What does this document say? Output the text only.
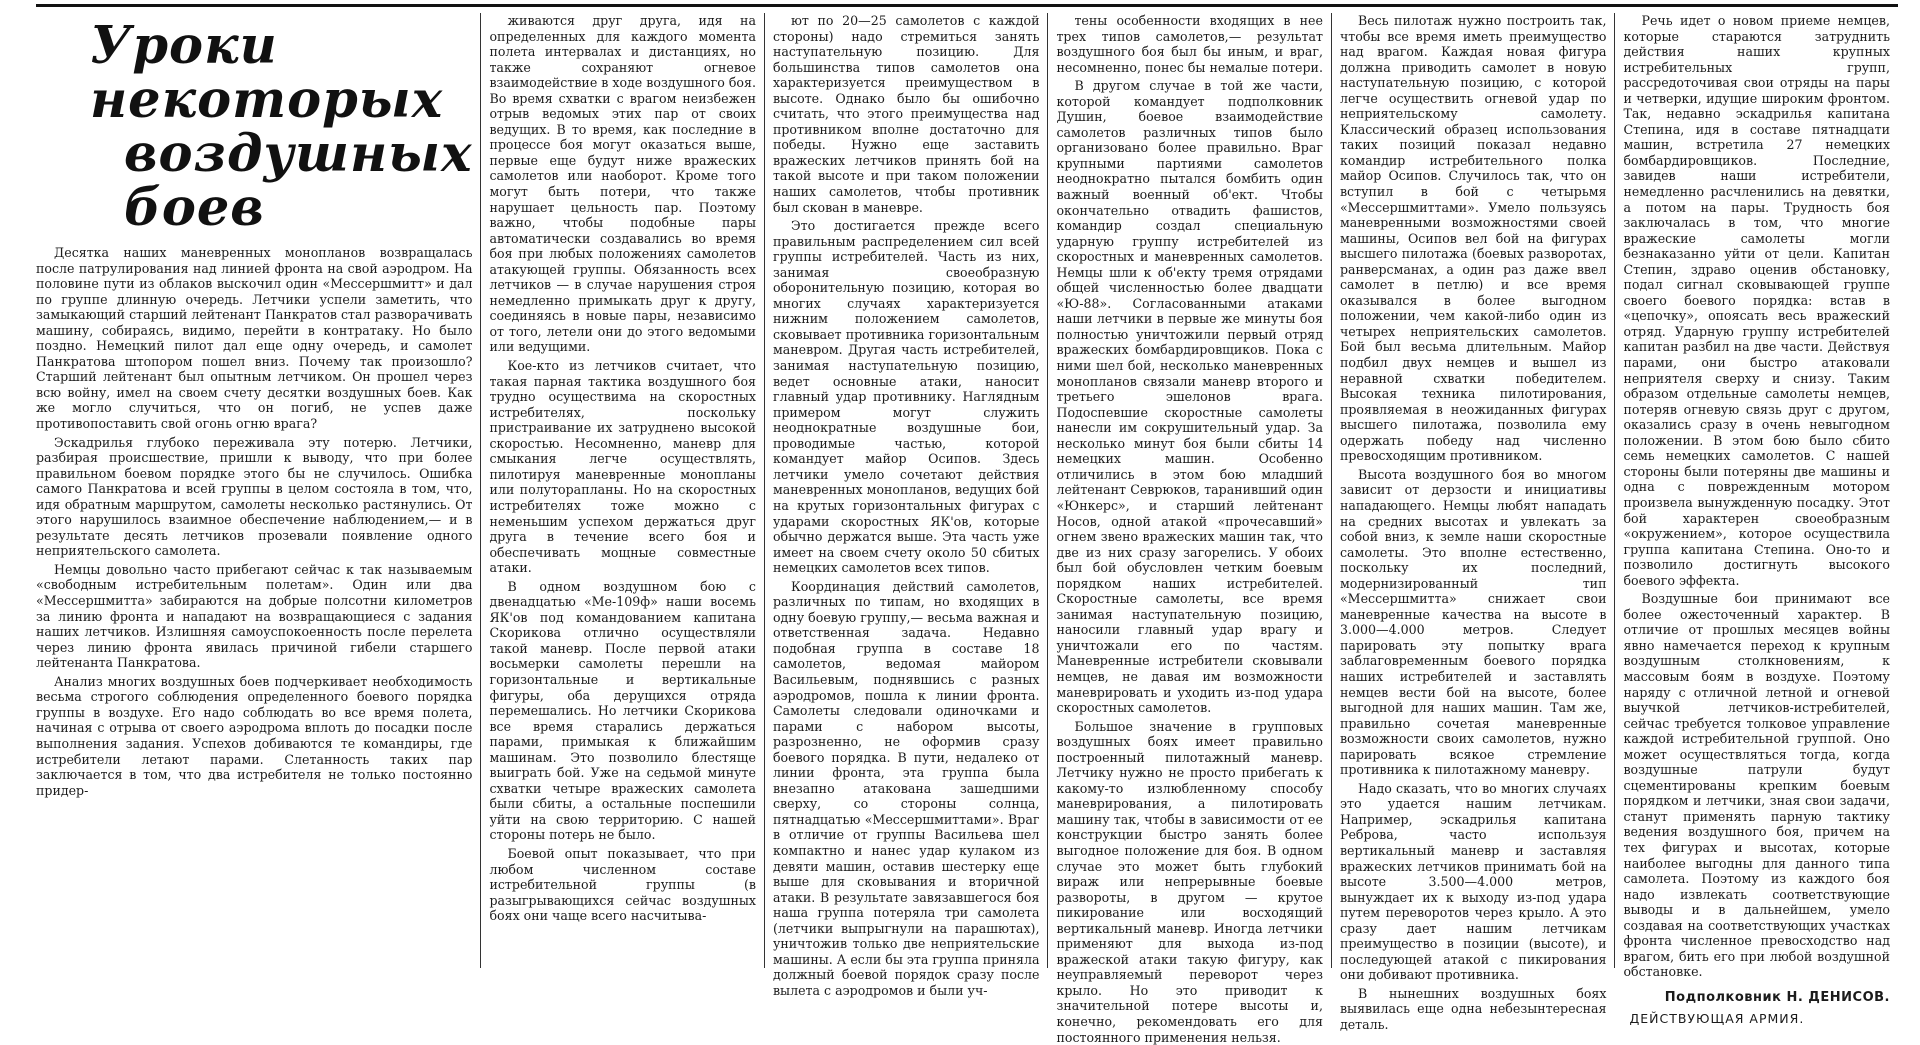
Уроки некоторых
воздушных боев

Десятка наших маневренных монопланов возвращалась после патрулирования над линией фронта на свой аэродром. На половине пути из облаков выскочил один «Мессершмитт» и дал по группе длинную очередь. Летчики успели заметить, что замыкающий старший лейтенант Панкратов стал разворачивать машину, собираясь, видимо, перейти в контратаку. Но было поздно. Немецкий пилот дал еще одну очередь, и самолет Панкратова штопором пошел вниз. Почему так произошло? Старший лейтенант был опытным летчиком. Он прошел через всю войну, имел на своем счету десятки воздушных боев. Как же могло случиться, что он погиб, не успев даже противопоставить свой огонь огню врага?

Эскадрилья глубоко переживала эту потерю. Летчики, разбирая происшествие, пришли к выводу, что при более правильном боевом порядке этого бы не случилось. Ошибка самого Панкратова и всей группы в целом состояла в том, что, идя обратным маршрутом, самолеты несколько растянулись. От этого нарушилось взаимное обеспечение наблюдением,— и в результате десять летчиков прозевали появление одного неприятельского самолета.

Немцы довольно часто прибегают сейчас к так называемым «свободным истребительным полетам». Один или два «Мессершмитта» забираются на добрые полсотни километров за линию фронта и нападают на возвращающиеся с задания наших летчиков. Излишняя самоуспокоенность после перелета через линию фронта явилась причиной гибели старшего лейтенанта Панкратова.

Анализ многих воздушных боев подчеркивает необходимость весьма строгого соблюдения определенного боевого порядка группы в воздухе. Его надо соблюдать во все время полета, начиная с отрыва от своего аэродрома вплоть до посадки после выполнения задания. Успехов добиваются те командиры, где истребители летают парами. Слетанность таких пар заключается в том, что два истребителя не только постоянно придер-

живаются друг друга, идя на определенных для каждого момента полета интервалах и дистанциях, но также сохраняют огневое взаимодействие в ходе воздушного боя. Во время схватки с врагом неизбежен отрыв ведомых этих пар от своих ведущих. В то время, как последние в процессе боя могут оказаться выше, первые еще будут ниже вражеских самолетов или наоборот. Кроме того могут быть потери, что также нарушает цельность пар. Поэтому важно, чтобы подобные пары автоматически создавались во время боя при любых положениях самолетов атакующей группы. Обязанность всех летчиков — в случае нарушения строя немедленно примыкать друг к другу, соединяясь в новые пары, независимо от того, летели они до этого ведомыми или ведущими.

Кое-кто из летчиков считает, что такая парная тактика воздушного боя трудно осуществима на скоростных истребителях, поскольку пристраивание их затруднено высокой скоростью. Несомненно, маневр для смыкания легче осуществлять, пилотируя маневренные монопланы или полуторапланы. Но на скоростных истребителях тоже можно с неменьшим успехом держаться друг друга в течение всего боя и обеспечивать мощные совместные атаки.

В одном воздушном бою с двенадцатью «Ме-109ф» наши восемь ЯК'ов под командованием капитана Скорикова отлично осуществляли такой маневр. После первой атаки восьмерки самолеты перешли на горизонтальные и вертикальные фигуры, оба дерущихся отряда перемешались. Но летчики Скорикова все время старались держаться парами, примыкая к ближайшим машинам. Это позволило блестяще выиграть бой. Уже на седьмой минуте схватки четыре вражеских самолета были сбиты, а остальные поспешили уйти на свою территорию. С нашей стороны потерь не было.

Боевой опыт показывает, что при любом численном составе истребительной группы (в разыгрывающихся сейчас воздушных боях они чаще всего насчитыва-

ют по 20—25 самолетов с каждой стороны) надо стремиться занять наступательную позицию. Для большинства типов самолетов она характеризуется преимуществом в высоте. Однако было бы ошибочно считать, что этого преимущества над противником вполне достаточно для победы. Нужно еще заставить вражеских летчиков принять бой на такой высоте и при таком положении наших самолетов, чтобы противник был скован в маневре.

Это достигается прежде всего правильным распределением сил всей группы истребителей. Часть из них, занимая своеобразную оборонительную позицию, которая во многих случаях характеризуется нижним положением самолетов, сковывает противника горизонтальным маневром. Другая часть истребителей, занимая наступательную позицию, ведет основные атаки, наносит главный удар противнику. Наглядным примером могут служить неоднократные воздушные бои, проводимые частью, которой командует майор Осипов. Здесь летчики умело сочетают действия маневренных монопланов, ведущих бой на крутых горизонтальных фигурах с ударами скоростных ЯК'ов, которые обычно держатся выше. Эта часть уже имеет на своем счету около 50 сбитых немецких самолетов всех типов.

Координация действий самолетов, различных по типам, но входящих в одну боевую группу,— весьма важная и ответственная задача. Недавно подобная группа в составе 18 самолетов, ведомая майором Васильевым, поднявшись с разных аэродромов, пошла к линии фронта. Самолеты следовали одиночками и парами с набором высоты, разрозненно, не оформив сразу боевого порядка. В пути, недалеко от линии фронта, эта группа была внезапно атакована зашедшими сверху, со стороны солнца, пятнадцатью «Мессершмиттами». Враг в отличие от группы Васильева шел компактно и нанес удар кулаком из девяти машин, оставив шестерку еще выше для сковывания и вторичной атаки. В результате завязавшегося боя наша группа потеряла три самолета (летчики выпрыгнули на парашютах), уничтожив только две неприятельские машины. А если бы эта группа приняла должный боевой порядок сразу после вылета с аэродромов и были уч-

тены особенности входящих в нее трех типов самолетов,— результат воздушного боя был бы иным, и враг, несомненно, понес бы немалые потери.

В другом случае в той же части, которой командует подполковник Душин, боевое взаимодействие самолетов различных типов было организовано более правильно. Враг крупными партиями самолетов неоднократно пытался бомбить один важный военный об'ект. Чтобы окончательно отвадить фашистов, командир создал специальную ударную группу истребителей из скоростных и маневренных самолетов. Немцы шли к об'екту тремя отрядами общей численностью более двадцати «Ю-88». Согласованными атаками наши летчики в первые же минуты боя полностью уничтожили первый отряд вражеских бомбардировщиков. Пока с ними шел бой, несколько маневренных монопланов связали маневр второго и третьего эшелонов врага. Подоспевшие скоростные самолеты нанесли им сокрушительный удар. За несколько минут боя были сбиты 14 немецких машин. Особенно отличились в этом бою младший лейтенант Севрюков, таранивший один «Юнкерс», и старший лейтенант Носов, одной атакой «прочесавший» огнем звено вражеских машин так, что две из них сразу загорелись. У обоих был бой обусловлен четким боевым порядком наших истребителей. Скоростные самолеты, все время занимая наступательную позицию, наносили главный удар врагу и уничтожали его по частям. Маневренные истребители сковывали немцев, не давая им возможности маневрировать и уходить из-под удара скоростных самолетов.

Большое значение в групповых воздушных боях имеет правильно построенный пилотажный маневр. Летчику нужно не просто прибегать к какому-то излюбленному способу маневрирования, а пилотировать машину так, чтобы в зависимости от ее конструкции быстро занять более выгодное положение для боя. В одном случае это может быть глубокий вираж или непрерывные боевые развороты, в другом — крутое пикирование или восходящий вертикальный маневр. Иногда летчики применяют для выхода из-под вражеской атаки такую фигуру, как неуправляемый переворот через крыло. Но это приводит к значительной потере высоты и, конечно, рекомендовать его для постоянного применения нельзя.

Весь пилотаж нужно построить так, чтобы все время иметь преимущество над врагом. Каждая новая фигура должна приводить самолет в новую наступательную позицию, с которой легче осуществить огневой удар по неприятельскому самолету. Классический образец использования таких позиций показал недавно командир истребительного полка майор Осипов. Случилось так, что он вступил в бой с четырьмя «Мессершмиттами». Умело пользуясь маневренными возможностями своей машины, Осипов вел бой на фигурах высшего пилотажа (боевых разворотах, ранверсманах, а один раз даже ввел самолет в петлю) и все время оказывался в более выгодном положении, чем какой-либо один из четырех неприятельских самолетов. Бой был весьма длительным. Майор подбил двух немцев и вышел из неравной схватки победителем. Высокая техника пилотирования, проявляемая в неожиданных фигурах высшего пилотажа, позволила ему одержать победу над численно превосходящим противником.

Высота воздушного боя во многом зависит от дерзости и инициативы нападающего. Немцы любят нападать на средних высотах и увлекать за собой вниз, к земле наши скоростные самолеты. Это вполне естественно, поскольку их последний, модернизированный тип «Мессершмитта» снижает свои маневренные качества на высоте в 3.000—4.000 метров. Следует парировать эту попытку врага заблаговременным боевого порядка наших истребителей и заставлять немцев вести бой на высоте, более выгодной для наших машин. Там же, правильно сочетая маневренные возможности своих самолетов, нужно парировать всякое стремление противника к пилотажному маневру.

Надо сказать, что во многих случаях это удается нашим летчикам. Например, эскадрилья капитана Реброва, часто используя вертикальный маневр и заставляя вражеских летчиков принимать бой на высоте 3.500—4.000 метров, вынуждает их к выходу из-под удара путем переворотов через крыло. А это сразу дает нашим летчикам преимущество в позиции (высоте), и последующей атакой с пикирования они добивают противника.

В нынешних воздушных боях выявилась еще одна небезынтересная деталь.

Речь идет о новом приеме немцев, которые стараются затруднить действия наших крупных истребительных групп, рассредоточивая свои отряды на пары и четверки, идущие широким фронтом. Так, недавно эскадрилья капитана Степина, идя в составе пятнадцати машин, встретила 27 немецких бомбардировщиков. Последние, завидев наши истребители, немедленно расчленились на девятки, а потом на пары. Трудность боя заключалась в том, что многие вражеские самолеты могли безнаказанно уйти от цели. Капитан Степин, здраво оценив обстановку, подал сигнал сковывающей группе своего боевого порядка: встав в «цепочку», опоясать весь вражеский отряд. Ударную группу истребителей капитан разбил на две части. Действуя парами, они быстро атаковали неприятеля сверху и снизу. Таким образом отдельные самолеты немцев, потеряв огневую связь друг с другом, оказались сразу в очень невыгодном положении. В этом бою было сбито семь немецких самолетов. С нашей стороны были потеряны две машины и одна с поврежденным мотором произвела вынужденную посадку. Этот бой характерен своеобразным «окружением», которое осуществила группа капитана Степина. Оно-то и позволило достигнуть высокого боевого эффекта.

Воздушные бои принимают все более ожесточенный характер. В отличие от прошлых месяцев войны явно намечается переход к крупным воздушным столкновениям, к массовым боям в воздухе. Поэтому наряду с отличной летной и огневой выучкой летчиков-истребителей, сейчас требуется толковое управление каждой истребительной группой. Оно может осуществляться тогда, когда воздушные патрули будут сцементированы крепким боевым порядком и летчики, зная свои задачи, станут применять парную тактику ведения воздушного боя, причем на тех фигурах и высотах, которые наиболее выгодны для данного типа самолета. Поэтому из каждого боя надо извлекать соответствующие выводы и в дальнейшем, умело создавая на соответствующих участках фронта численное превосходство над врагом, бить его при любой воздушной обстановке.

Подполковник Н. ДЕНИСОВ.
ДЕЙСТВУЮЩАЯ АРМИЯ.
